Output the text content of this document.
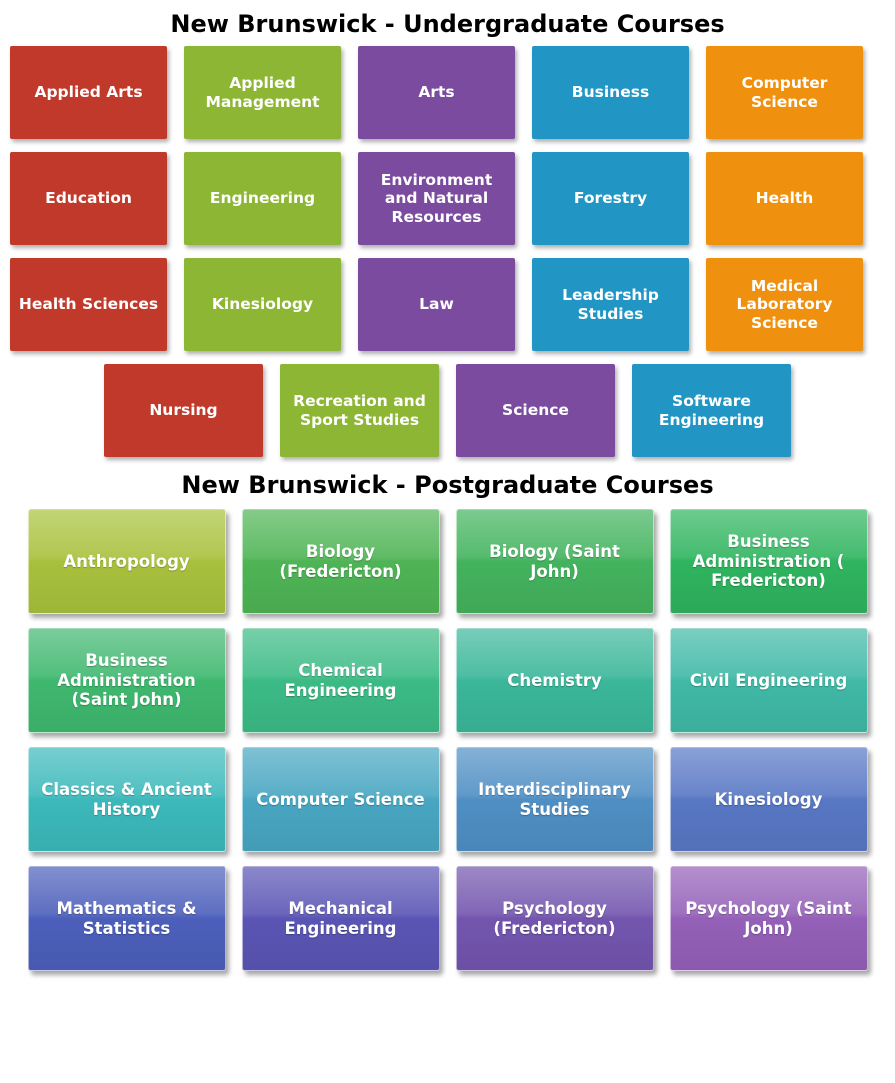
New Brunswick - Undergraduate Courses
Applied Arts
Applied Management
Arts	Business
Computer Science
Education	Engineering
Environment and Natural Resources
Forestry	Health
Health Sciences	Kinesiology	Law
Leadership Studies
Medical Laboratory Science
Nursing
Recreation and Sport Studies
Science
Software Engineering
New Brunswick - Postgraduate Courses
Anthropology
Biology (Fredericton)
Biology (Saint John)
Business Administration ( Fredericton)
Business Administration (Saint John)
Chemical Engineering
Chemistry	Civil Engineering
Classics & Ancient History
Computer Science
Interdisciplinary Studies
Kinesiology
Mathematics & Statistics
Mechanical Engineering
Psychology (Fredericton)
Psychology (Saint John)
